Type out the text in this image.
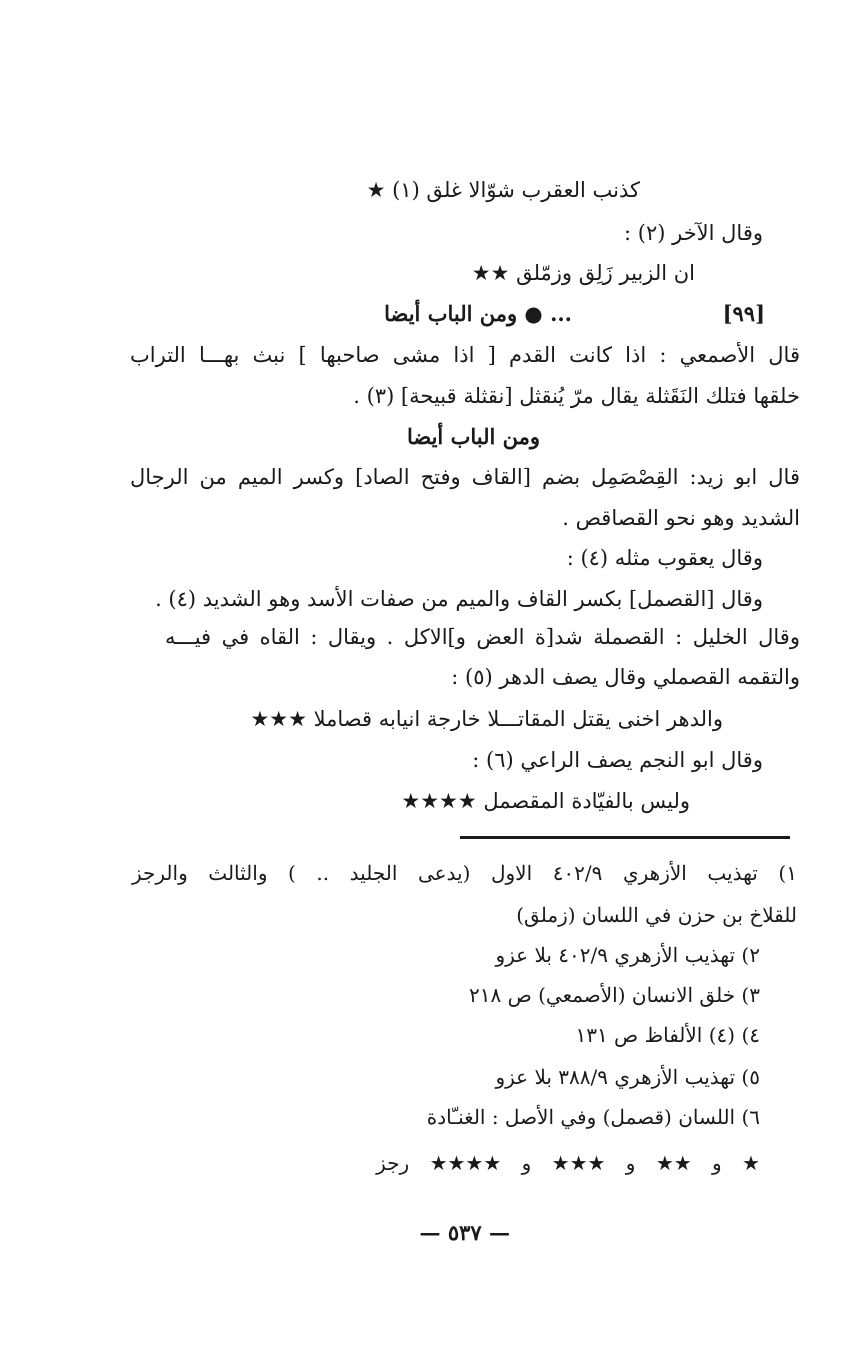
كذنب العقرب شوّالا غلق (١) ★

وقال الآخر (٢) :

ان الزبير زَلِق وزمّلق ★★

[٩٩]

... ● ومن الباب أيضا

قال الأصمعي : اذا كانت القدم [ اذا مشى صاحبها ] نبث بهـــا التراب

خلقها فتلك النَقَثلة يقال مرّ يُنقثل [نقثلة قبيحة] (٣) .

ومن الباب أيضا

قال ابو زيد: القِصْصَمِل بضم [القاف وفتح الصاد] وكسر الميم من الرجال

الشديد وهو نحو القصاقص .

وقال يعقوب مثله (٤) :

وقال [القصمل] بكسر القاف والميم من صفات الأسد وهو الشديد (٤) .

وقال الخليل : القصملة شد[ة العض و]الاكل . ويقال : القاه في فيـــه

والتقمه القصملي وقال يصف الدهر (٥) :

والدهر اخنى يقتل المقاتـــلا خارجة انيابه قصاملا ★★★

وقال ابو النجم يصف الراعي (٦) :

وليس بالفيّادة المقصمل ★★★★

١) تهذيب الأزهري ٤٠٢/٩ الاول (يدعى الجليد .. ) والثالث والرجز

للقلاخ بن حزن في اللسان (زملق)

٢) تهذيب الأزهري ٤٠٢/٩ بلا عزو

٣) خلق الانسان (الأصمعي) ص ٢١٨

٤) (٤) الألفاظ ص ١٣١

٥) تهذيب الأزهري ٣٨٨/٩ بلا عزو

٦) اللسان (قصمل) وفي الأصل : الغنـّادة

★ و ★★ و ★★★ و ★★★★ رجز

— ٥٣٧ —
